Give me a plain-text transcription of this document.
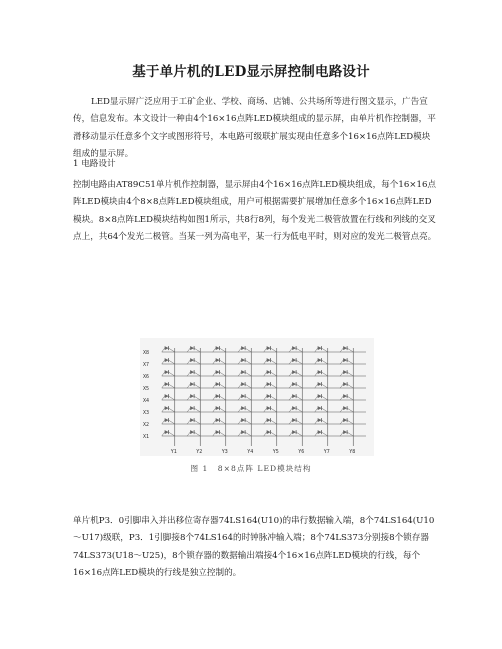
基于单片机的LED显示屏控制电路设计

LED显示屏广泛应用于工矿企业、学校、商场、店铺、公共场所等进行图文显示，广告宣传，信息发布。本文设计一种由4个16×16点阵LED模块组成的显示屏，由单片机作控制器，平滑移动显示任意多个文字或图形符号，本电路可级联扩展实现由任意多个16×16点阵LED模块组成的显示屏。

1 电路设计

控制电路由AT89C51单片机作控制器，显示屏由4个16×16点阵LED模块组成，每个16×16点阵LED模块由4个8×8点阵LED模块组成，用户可根据需要扩展增加任意多个16×16点阵LED模块。8×8点阵LED模块结构如图1所示，共8行8列，每个发光二极管放置在行线和列线的交叉点上，共64个发光二极管。当某一列为高电平，某一行为低电平时，则对应的发光二极管点亮。

X8
X7
X6
X5
X4
X3
X2
X1
Y1	Y2	Y3	Y4	Y5	Y6	Y7	Y8
图 1 8×8点阵 LED模块结构

单片机P3．0引脚串入并出移位寄存器74LS164(U10)的串行数据输入端，8个74LS164(U10～U17)级联，P3．1引脚接8个74LS164的时钟脉冲输入端；8个74LS373分别接8个锁存器74LS373(U18～U25)，8个锁存器的数据输出端接4个16×16点阵LED模块的行线，每个16×16点阵LED模块的行线是独立控制的。
